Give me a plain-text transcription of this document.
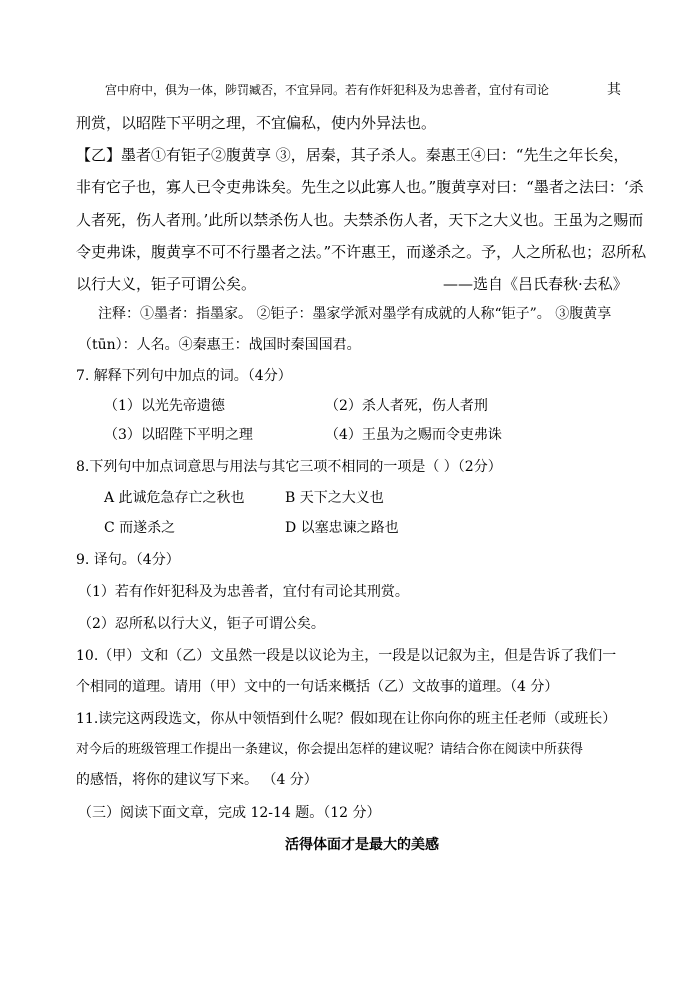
宫中府中，俱为一体，陟罚臧否，不宜异同。若有作奸犯科及为忠善者，宜付有司论	其
刑赏，以昭陛下平明之理，不宜偏私，使内外异法也。
【乙】墨者①有钜子②腹黄享 ③，居秦，其子杀人。秦惠王④曰：“先生之年长矣，
非有它子也，寡人已令吏弗诛矣。先生之以此寡人也。”腹黄享对曰：“墨者之法曰：‘杀
人者死，伤人者刑。’此所以禁杀伤人也。夫禁杀伤人者，天下之大义也。王虽为之赐而
令吏弗诛，腹黄享不可不行墨者之法。”不许惠王，而遂杀之。予，人之所私也；忍所私
以行大义，钜子可谓公矣。	——选自《吕氏春秋·去私》
注释：①墨者：指墨家。 ②钜子：墨家学派对墨学有成就的人称“钜子”。 ③腹黄享
（tūn）：人名。④秦惠王：战国时秦国国君。
7. 解释下列句中加点的词。（4分）
（1）以光先帝遗德	（2）杀人者死，伤人者刑
（3）以昭陛下平明之理	（4）王虽为之赐而令吏弗诛
8.下列句中加点词意思与用法与其它三项不相同的一项是（ ）（2分）
A 此诚危急存亡之秋也	B 天下之大义也
C 而遂杀之	D 以塞忠谏之路也
9. 译句。（4分）
（1）若有作奸犯科及为忠善者，宜付有司论其刑赏。
（2）忍所私以行大义，钜子可谓公矣。
10.（甲）文和（乙）文虽然一段是以议论为主，一段是以记叙为主，但是告诉了我们一
个相同的道理。请用（甲）文中的一句话来概括（乙）文故事的道理。（4 分）
11.读完这两段选文，你从中领悟到什么呢？假如现在让你向你的班主任老师（或班长）
对今后的班级管理工作提出一条建议，你会提出怎样的建议呢？请结合你在阅读中所获得
的感悟，将你的建议写下来。 （4 分）
（三）阅读下面文章，完成 12-14 题。（12 分）
活得体面才是最大的美感
